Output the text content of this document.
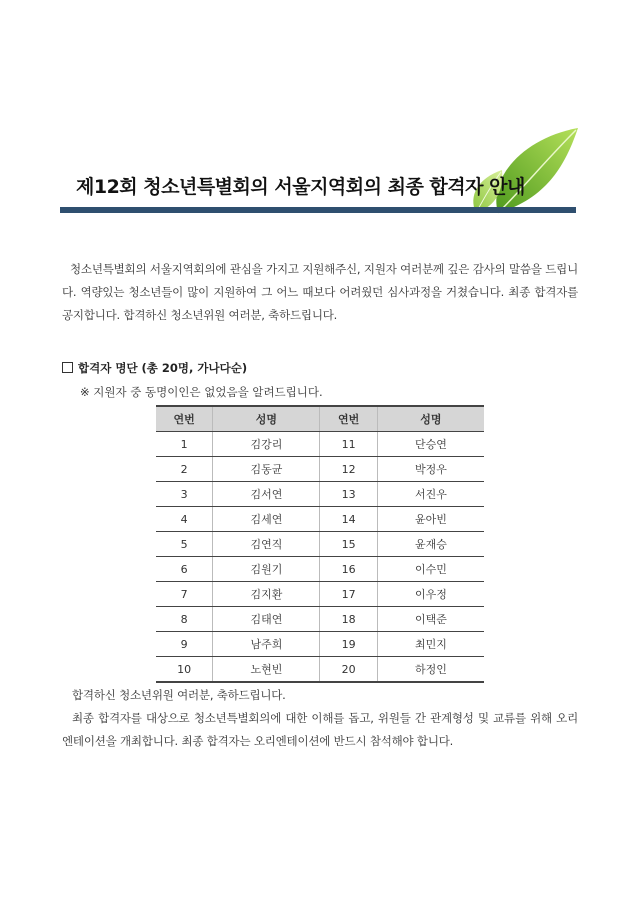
제12회 청소년특별회의 서울지역회의 최종 합격자 안내
청소년특별회의 서울지역회의에 관심을 가지고 지원해주신, 지원자 여러분께 깊은 감사의 말씀을 드립니다. 역량있는 청소년들이 많이 지원하여 그 어느 때보다 어려웠던 심사과정을 거쳤습니다. 최종 합격자를 공지합니다. 합격하신 청소년위원 여러분, 축하드립니다.
합격자 명단 (총 20명, 가나다순)
※ 지원자 중 동명이인은 없었음을 알려드립니다.
연번	성명	연번	성명
1	김강리	11	단승연
2	김동균	12	박정우
3	김서연	13	서진우
4	김세연	14	윤아빈
5	김연직	15	윤재승
6	김원기	16	이수민
7	김지환	17	이우정
8	김태연	18	이택준
9	남주희	19	최민지
10	노현빈	20	하정인

합격하신 청소년위원 여러분, 축하드립니다.

최종 합격자를 대상으로 청소년특별회의에 대한 이해를 돕고, 위원들 간 관계형성 및 교류를 위해 오리엔테이션을 개최합니다. 최종 합격자는 오리엔테이션에 반드시 참석해야 합니다.
